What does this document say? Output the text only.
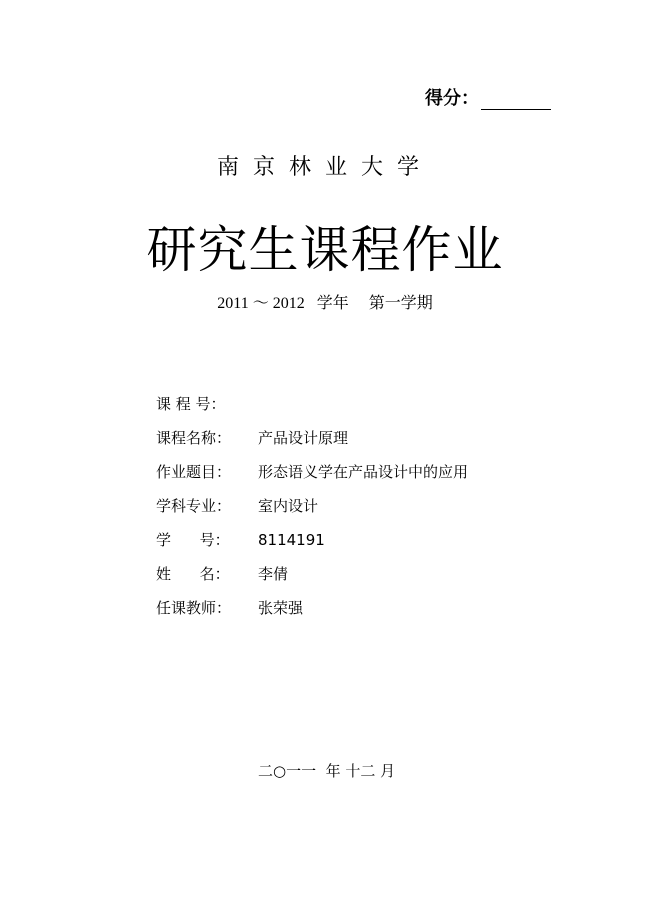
得分：
南京林业大学
研究生课程作业
2011 ～ 2012   学年     第一学期
课 程 号：
课程名称：	产品设计原理
作业题目：	形态语义学在产品设计中的应用
学科专业：	室内设计
学      号：	8114191
姓      名：	李倩
任课教师：	张荣强
二○一一  年 十二 月
